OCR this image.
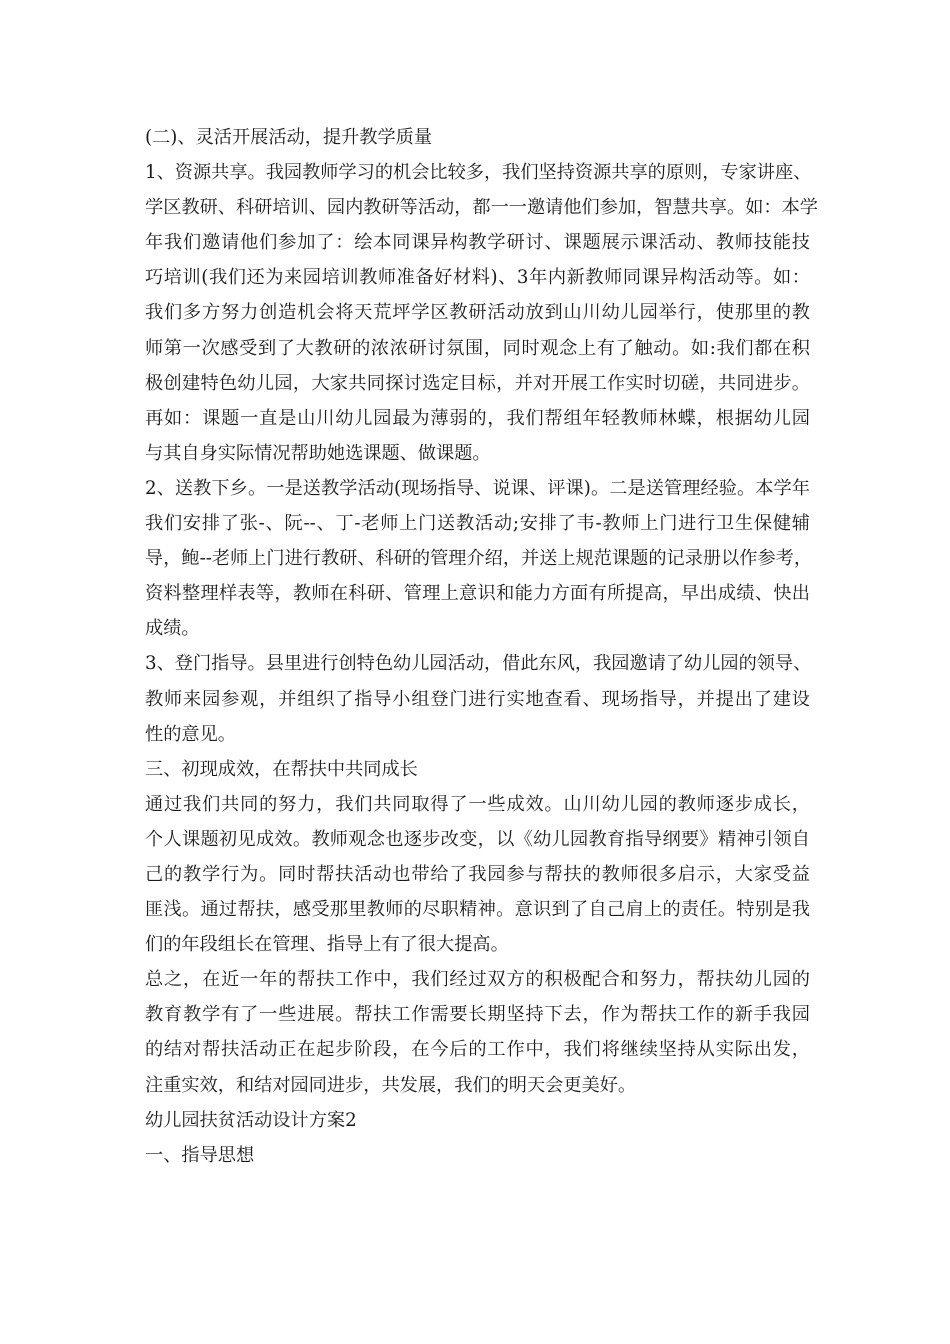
(二)、灵活开展活动，提升教学质量
1、资源共享。我园教师学习的机会比较多，我们坚持资源共享的原则，专家讲座、
学区教研、科研培训、园内教研等活动，都一一邀请他们参加，智慧共享。如：本学
年我们邀请他们参加了：绘本同课异构教学研讨、课题展示课活动、教师技能技
巧培训(我们还为来园培训教师准备好材料)、3年内新教师同课异构活动等。如：
我们多方努力创造机会将天荒坪学区教研活动放到山川幼儿园举行，使那里的教
师第一次感受到了大教研的浓浓研讨氛围，同时观念上有了触动。如:我们都在积
极创建特色幼儿园，大家共同探讨选定目标，并对开展工作实时切磋，共同进步。
再如：课题一直是山川幼儿园最为薄弱的，我们帮组年轻教师林蝶，根据幼儿园
与其自身实际情况帮助她选课题、做课题。
2、送教下乡。一是送教学活动(现场指导、说课、评课)。二是送管理经验。本学年
我们安排了张-、阮--、丁-老师上门送教活动;安排了韦-教师上门进行卫生保健辅
导，鲍--老师上门进行教研、科研的管理介绍，并送上规范课题的记录册以作参考，
资料整理样表等，教师在科研、管理上意识和能力方面有所提高，早出成绩、快出
成绩。
3、登门指导。县里进行创特色幼儿园活动，借此东风，我园邀请了幼儿园的领导、
教师来园参观，并组织了指导小组登门进行实地查看、现场指导，并提出了建设
性的意见。
三、初现成效，在帮扶中共同成长
通过我们共同的努力，我们共同取得了一些成效。山川幼儿园的教师逐步成长，
个人课题初见成效。教师观念也逐步改变，以《幼儿园教育指导纲要》精神引领自
己的教学行为。同时帮扶活动也带给了我园参与帮扶的教师很多启示，大家受益
匪浅。通过帮扶，感受那里教师的尽职精神。意识到了自己肩上的责任。特别是我
们的年段组长在管理、指导上有了很大提高。
总之，在近一年的帮扶工作中，我们经过双方的积极配合和努力，帮扶幼儿园的
教育教学有了一些进展。帮扶工作需要长期坚持下去，作为帮扶工作的新手我园
的结对帮扶活动正在起步阶段，在今后的工作中，我们将继续坚持从实际出发，
注重实效，和结对园同进步，共发展，我们的明天会更美好。
幼儿园扶贫活动设计方案2
一、指导思想
